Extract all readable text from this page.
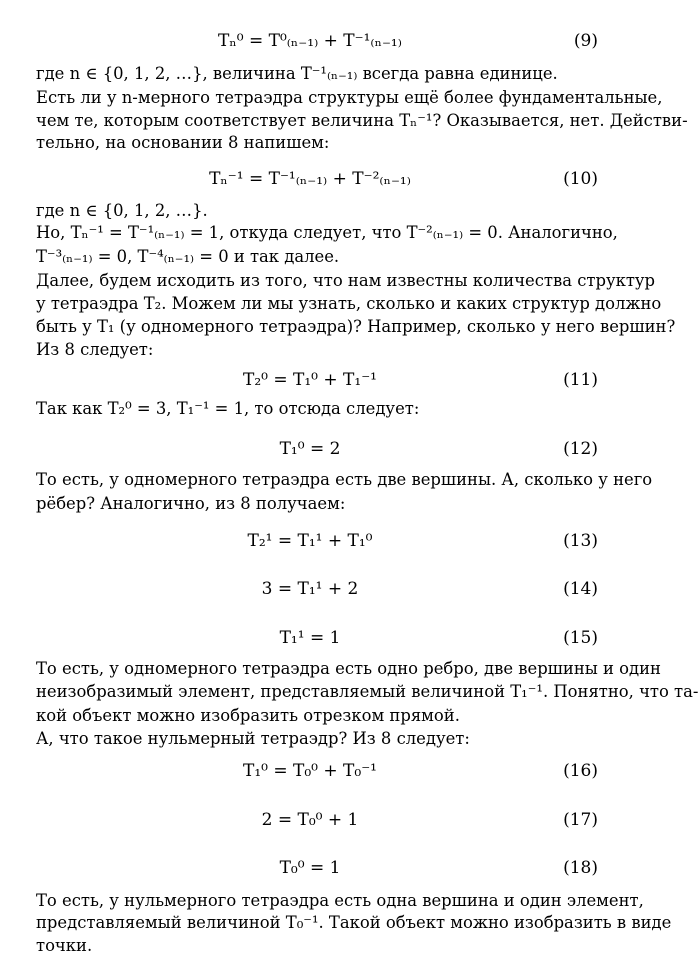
Tₙ⁰ = T⁰₍ₙ₋₁₎ + T⁻¹₍ₙ₋₁₎	(9)
где n ∈ {0, 1, 2, …}, величина T⁻¹₍ₙ₋₁₎ всегда равна единице.
Есть ли у n-мерного тетраэдра структуры ещё более фундаментальные,
чем те, которым соответствует величина Tₙ⁻¹? Оказывается, нет. Действи-
тельно, на основании 8 напишем:
Tₙ⁻¹ = T⁻¹₍ₙ₋₁₎ + T⁻²₍ₙ₋₁₎	(10)
где n ∈ {0, 1, 2, …}.
Но, Tₙ⁻¹ = T⁻¹₍ₙ₋₁₎ = 1, откуда следует, что T⁻²₍ₙ₋₁₎ = 0. Аналогично,
T⁻³₍ₙ₋₁₎ = 0, T⁻⁴₍ₙ₋₁₎ = 0 и так далее.
Далее, будем исходить из того, что нам известны количества структур
у тетраэдра T₂. Можем ли мы узнать, сколько и каких структур должно
быть у T₁ (у одномерного тетраэдра)? Например, сколько у него вершин?
Из 8 следует:
T₂⁰ = T₁⁰ + T₁⁻¹	(11)
Так как T₂⁰ = 3, T₁⁻¹ = 1, то отсюда следует:
T₁⁰ = 2	(12)
То есть, у одномерного тетраэдра есть две вершины. А, сколько у него
рёбер? Аналогично, из 8 получаем:
T₂¹ = T₁¹ + T₁⁰	(13)
3 = T₁¹ + 2	(14)
T₁¹ = 1	(15)
То есть, у одномерного тетраэдра есть одно ребро, две вершины и один
неизобразимый элемент, представляемый величиной T₁⁻¹. Понятно, что та-
кой объект можно изобразить отрезком прямой.
А, что такое нульмерный тетраэдр? Из 8 следует:
T₁⁰ = T₀⁰ + T₀⁻¹	(16)
2 = T₀⁰ + 1	(17)
T₀⁰ = 1	(18)
То есть, у нульмерного тетраэдра есть одна вершина и один элемент,
представляемый величиной T₀⁻¹. Такой объект можно изобразить в виде
точки.
